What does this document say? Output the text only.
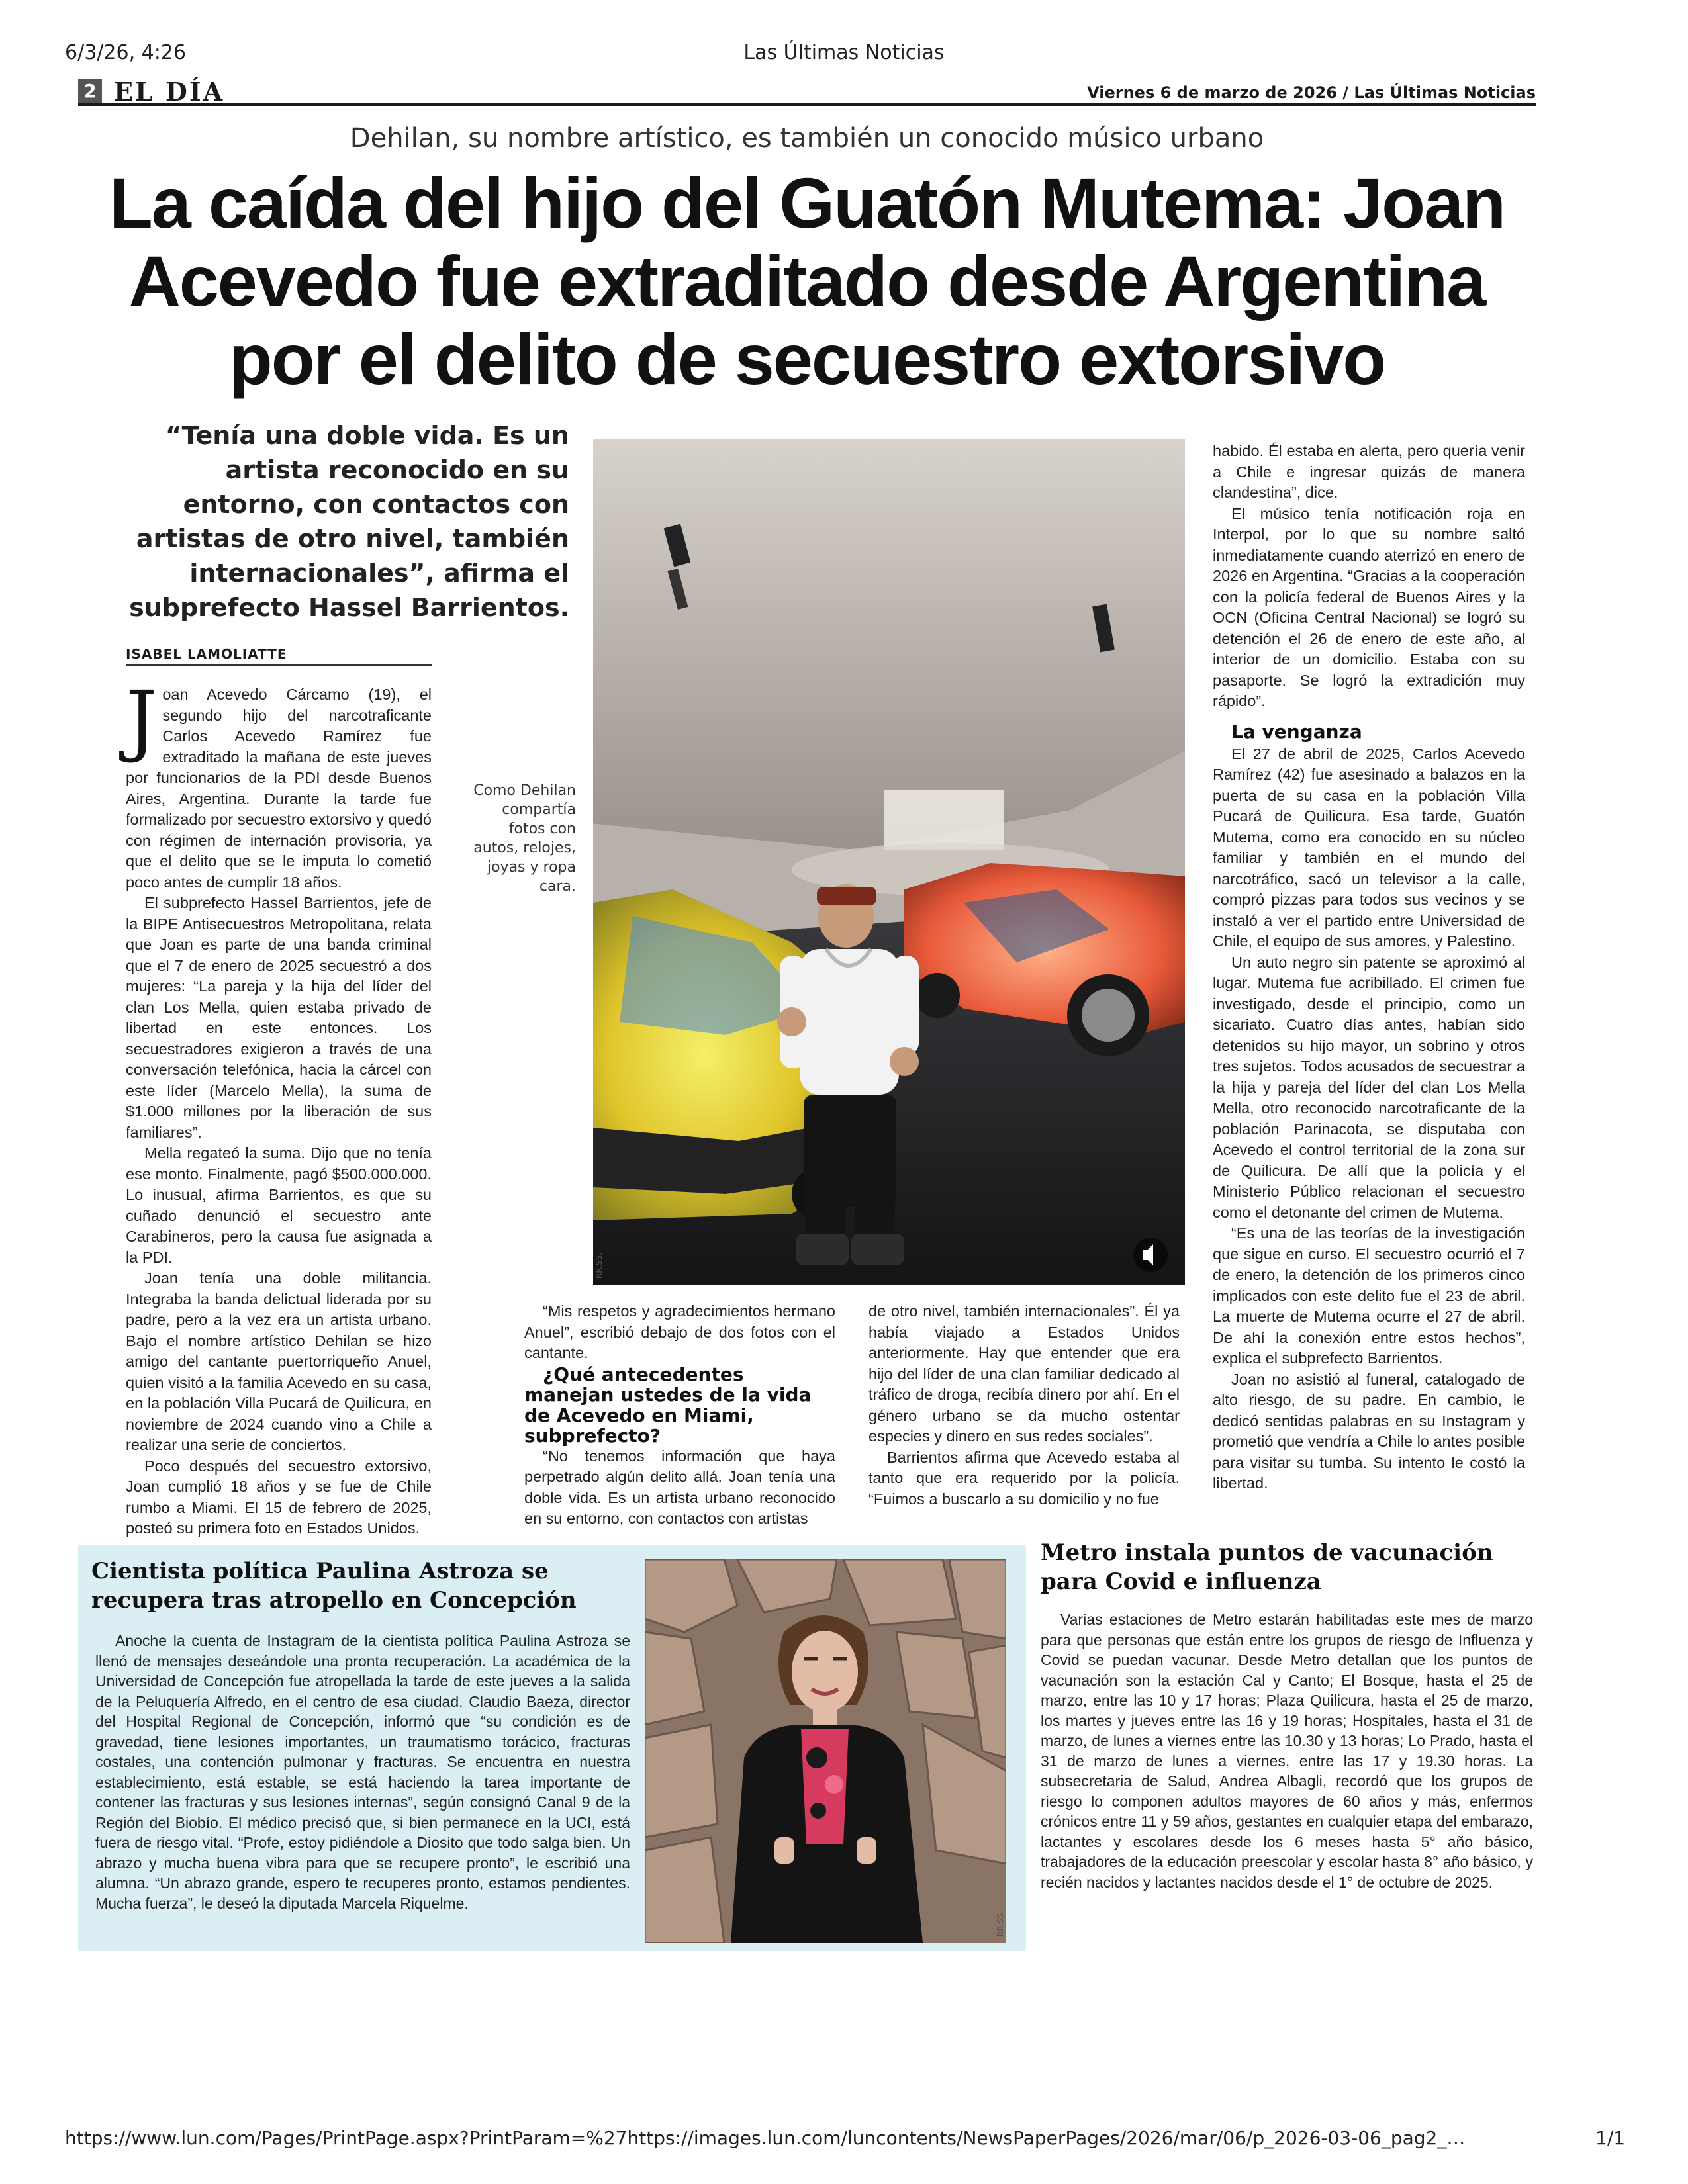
6/3/26, 4:26	Las Últimas Noticias
2 EL DÍA	Viernes 6 de marzo de 2026 / Las Últimas Noticias
Dehilan, su nombre artístico, es también un conocido músico urbano
La caída del hijo del Guatón Mutema: Joan Acevedo fue extraditado desde Argentina por el delito de secuestro extorsivo
“Tenía una doble vida. Es un artista reconocido en su entorno, con contactos con artistas de otro nivel, también internacionales”, afirma el subprefecto Hassel Barrientos.
ISABEL LAMOLIATTE

Joan Acevedo Cárcamo (19), el segundo hijo del narcotraficante Carlos Acevedo Ramírez fue extraditado la mañana de este jueves por funcionarios de la PDI desde Buenos Aires, Argentina. Durante la tarde fue formalizado por secuestro extorsivo y quedó con régimen de internación provisoria, ya que el delito que se le imputa lo cometió poco antes de cumplir 18 años.

El subprefecto Hassel Barrientos, jefe de la BIPE Antisecuestros Metropolitana, relata que Joan es parte de una banda criminal que el 7 de enero de 2025 secuestró a dos mujeres: “La pareja y la hija del líder del clan Los Mella, quien estaba privado de libertad en este entonces. Los secuestradores exigieron a través de una conversación telefónica, hacia la cárcel con este líder (Marcelo Mella), la suma de $1.000 millones por la liberación de sus familiares”.

Mella regateó la suma. Dijo que no tenía ese monto. Finalmente, pagó $500.000.000. Lo inusual, afirma Barrientos, es que su cuñado denunció el secuestro ante Carabineros, pero la causa fue asignada a la PDI.

Joan tenía una doble militancia. Integraba la banda delictual liderada por su padre, pero a la vez era un artista urbano. Bajo el nombre artístico Dehilan se hizo amigo del cantante puertorriqueño Anuel, quien visitó a la familia Acevedo en su casa, en la población Villa Pucará de Quilicura, en noviembre de 2024 cuando vino a Chile a realizar una serie de conciertos.

Poco después del secuestro extorsivo, Joan cumplió 18 años y se fue de Chile rumbo a Miami. El 15 de febrero de 2025, posteó su primera foto en Estados Unidos.

Como Dehilan compartía fotos con autos, relojes, joyas y ropa cara.
RR.SS.

“Mis respetos y agradecimientos hermano Anuel”, escribió debajo de dos fotos con el cantante.

¿Qué antecedentes manejan ustedes de la vida de Acevedo en Miami, subprefecto?

“No tenemos información que haya perpetrado algún delito allá. Joan tenía una doble vida. Es un artista urbano reconocido en su entorno, con contactos con artistas

de otro nivel, también internacionales”. Él ya había viajado a Estados Unidos anteriormente. Hay que entender que era hijo del líder de una clan familiar dedicado al tráfico de droga, recibía dinero por ahí. En el género urbano se da mucho ostentar especies y dinero en sus redes sociales”.

Barrientos afirma que Acevedo estaba al tanto que era requerido por la policía. “Fuimos a buscarlo a su domicilio y no fue

habido. Él estaba en alerta, pero quería venir a Chile e ingresar quizás de manera clandestina”, dice.

El músico tenía notificación roja en Interpol, por lo que su nombre saltó inmediatamente cuando aterrizó en enero de 2026 en Argentina. “Gracias a la cooperación con la policía federal de Buenos Aires y la OCN (Oficina Central Nacional) se logró su detención el 26 de enero de este año, al interior de un domicilio. Estaba con su pasaporte. Se logró la extradición muy rápido”.

La venganza

El 27 de abril de 2025, Carlos Acevedo Ramírez (42) fue asesinado a balazos en la puerta de su casa en la población Villa Pucará de Quilicura. Esa tarde, Guatón Mutema, como era conocido en su núcleo familiar y también en el mundo del narcotráfico, sacó un televisor a la calle, compró pizzas para todos sus vecinos y se instaló a ver el partido entre Universidad de Chile, el equipo de sus amores, y Palestino.

Un auto negro sin patente se aproximó al lugar. Mutema fue acribillado. El crimen fue investigado, desde el principio, como un sicariato. Cuatro días antes, habían sido detenidos su hijo mayor, un sobrino y otros tres sujetos. Todos acusados de secuestrar a la hija y pareja del líder del clan Los Mella Mella, otro reconocido narcotraficante de la población Parinacota, se disputaba con Acevedo el control territorial de la zona sur de Quilicura. De allí que la policía y el Ministerio Público relacionan el secuestro como el detonante del crimen de Mutema.

“Es una de las teorías de la investigación que sigue en curso. El secuestro ocurrió el 7 de enero, la detención de los primeros cinco implicados con este delito fue el 23 de abril. La muerte de Mutema ocurre el 27 de abril. De ahí la conexión entre estos hechos”, explica el subprefecto Barrientos.

Joan no asistió al funeral, catalogado de alto riesgo, de su padre. En cambio, le dedicó sentidas palabras en su Instagram y prometió que vendría a Chile lo antes posible para visitar su tumba. Su intento le costó la libertad.

Cientista política Paulina Astroza se recupera tras atropello en Concepción

Anoche la cuenta de Instagram de la cientista política Paulina Astroza se llenó de mensajes deseándole una pronta recuperación. La académica de la Universidad de Concepción fue atropellada la tarde de este jueves a la salida de la Peluquería Alfredo, en el centro de esa ciudad. Claudio Baeza, director del Hospital Regional de Concepción, informó que “su condición es de gravedad, tiene lesiones importantes, un traumatismo torácico, fracturas costales, una contención pulmonar y fracturas. Se encuentra en nuestra establecimiento, está estable, se está haciendo la tarea importante de contener las fracturas y sus lesiones internas”, según consignó Canal 9 de la Región del Biobío. El médico precisó que, si bien permanece en la UCI, está fuera de riesgo vital. “Profe, estoy pidiéndole a Diosito que todo salga bien. Un abrazo y mucha buena vibra para que se recupere pronto”, le escribió una alumna. “Un abrazo grande, espero te recuperes pronto, estamos pendientes. Mucha fuerza”, le deseó la diputada Marcela Riquelme.

RR.SS.
Metro instala puntos de vacunación para Covid e influenza

Varias estaciones de Metro estarán habilitadas este mes de marzo para que personas que están entre los grupos de riesgo de Influenza y Covid se puedan vacunar. Desde Metro detallan que los puntos de vacunación son la estación Cal y Canto; El Bosque, hasta el 25 de marzo, entre las 10 y 17 horas; Plaza Quilicura, hasta el 25 de marzo, los martes y jueves entre las 16 y 19 horas; Hospitales, hasta el 31 de marzo, de lunes a viernes entre las 10.30 y 13 horas; Lo Prado, hasta el 31 de marzo de lunes a viernes, entre las 17 y 19.30 horas. La subsecretaria de Salud, Andrea Albagli, recordó que los grupos de riesgo lo componen adultos mayores de 60 años y más, enfermos crónicos entre 11 y 59 años, gestantes en cualquier etapa del embarazo, lactantes y escolares desde los 6 meses hasta 5° año básico, trabajadores de la educación preescolar y escolar hasta 8° año básico, y recién nacidos y lactantes nacidos desde el 1° de octubre de 2025.

https://www.lun.com/Pages/PrintPage.aspx?PrintParam=%27https://images.lun.com/luncontents/NewsPaperPages/2026/mar/06/p_2026-03-06_pag2_…	1/1
